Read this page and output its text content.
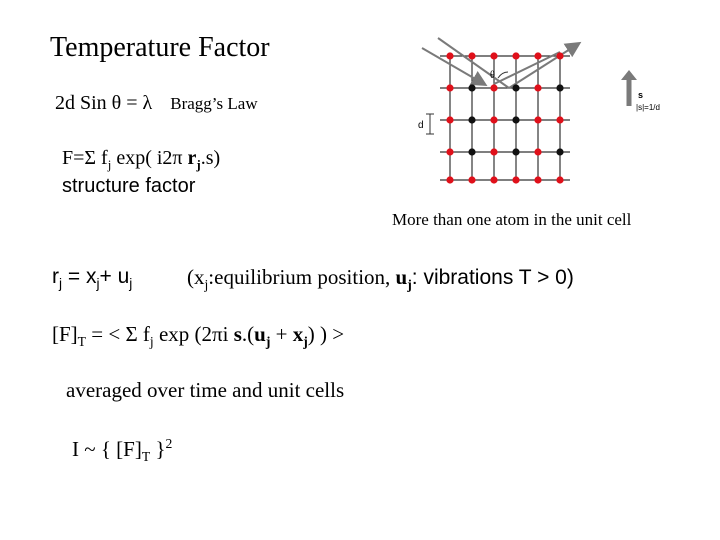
Temperature Factor
2d Sin θ = λ Bragg’s Law
F=Σ $f_j$ exp( i2π $r_j.s$)
structure factor
More than one atom in the unit cell
$r_j = x_j+ u_j$	($x_j:equilibrium$ position, $u_j$: vibrations T > 0)
$[F]_T$ = < Σ $f_j$ exp (2πi $s.(u_j + x_j)$ ) >
averaged over time and unit cells
I ~ { $[F]_T$ }$^2$
θ
d
s
|s|=1/d
